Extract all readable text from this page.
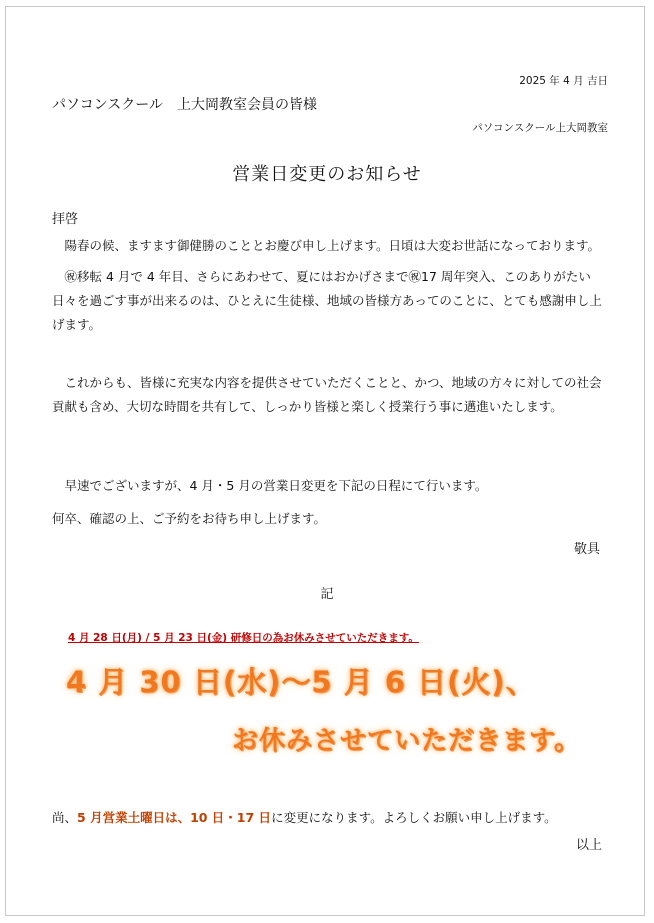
2025 年 4 月 吉日
パソコンスクール　上大岡教室会員の皆様
パソコンスクール上大岡教室
営業日変更のお知らせ
拝啓
陽春の候、ますます御健勝のこととお慶び申し上げます。日頃は大変お世話になっております。
㊗移転 4 月で 4 年目、さらにあわせて、夏にはおかげさまで㊗17 周年突入、このありがたい日々を過ごす事が出来るのは、ひとえに生徒様、地域の皆様方あってのことに、とても感謝申し上げます。
これからも、皆様に充実な内容を提供させていただくことと、かつ、地域の方々に対しての社会貢献も含め、大切な時間を共有して、しっかり皆様と楽しく授業行う事に邁進いたします。
早速でございますが、4 月・5 月の営業日変更を下記の日程にて行います。
何卒、確認の上、ご予約をお待ち申し上げます。
敬具
記
4 月 28 日(月) / 5 月 23 日(金) 研修日の為お休みさせていただきます。
4 月 30 日(水)～5 月 6 日(火)、
お休みさせていただきます。
尚、5 月営業土曜日は、10 日・17 日に変更になります。よろしくお願い申し上げます。
以上
